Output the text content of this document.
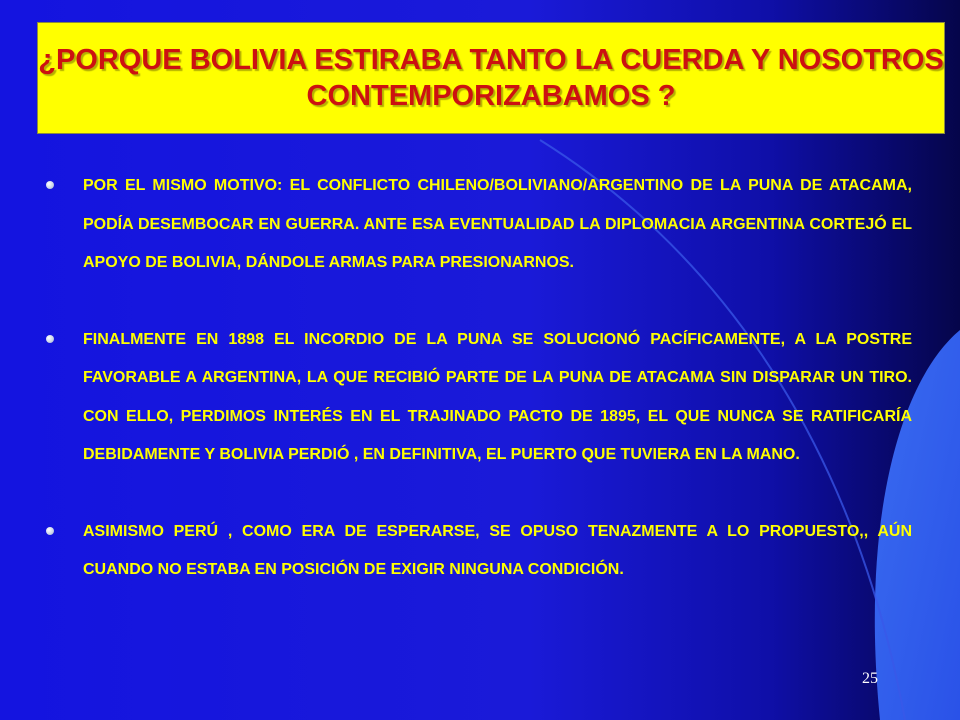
¿PORQUE BOLIVIA ESTIRABA TANTO LA CUERDA Y NOSOTROS CONTEMPORIZABAMOS ?

POR EL MISMO MOTIVO: EL CONFLICTO CHILENO/BOLIVIANO/ARGENTINO DE LA PUNA DE ATACAMA, PODÍA DESEMBOCAR EN GUERRA. ANTE ESA EVENTUALIDAD LA DIPLOMACIA ARGENTINA CORTEJÓ EL APOYO DE BOLIVIA, DÁNDOLE ARMAS PARA PRESIONARNOS.

FINALMENTE EN 1898 EL INCORDIO DE LA PUNA SE SOLUCIONÓ PACÍFICAMENTE, A LA POSTRE FAVORABLE A ARGENTINA, LA QUE RECIBIÓ PARTE DE LA PUNA DE ATACAMA SIN DISPARAR UN TIRO. CON ELLO, PERDIMOS INTERÉS EN EL TRAJINADO PACTO DE 1895, EL QUE NUNCA SE RATIFICARÍA DEBIDAMENTE Y BOLIVIA PERDIÓ , EN DEFINITIVA, EL PUERTO QUE TUVIERA EN LA MANO.

ASIMISMO PERÚ , COMO ERA DE ESPERARSE, SE OPUSO TENAZMENTE A LO PROPUESTO,, AÚN CUANDO NO ESTABA EN POSICIÓN DE EXIGIR NINGUNA CONDICIÓN.

25
